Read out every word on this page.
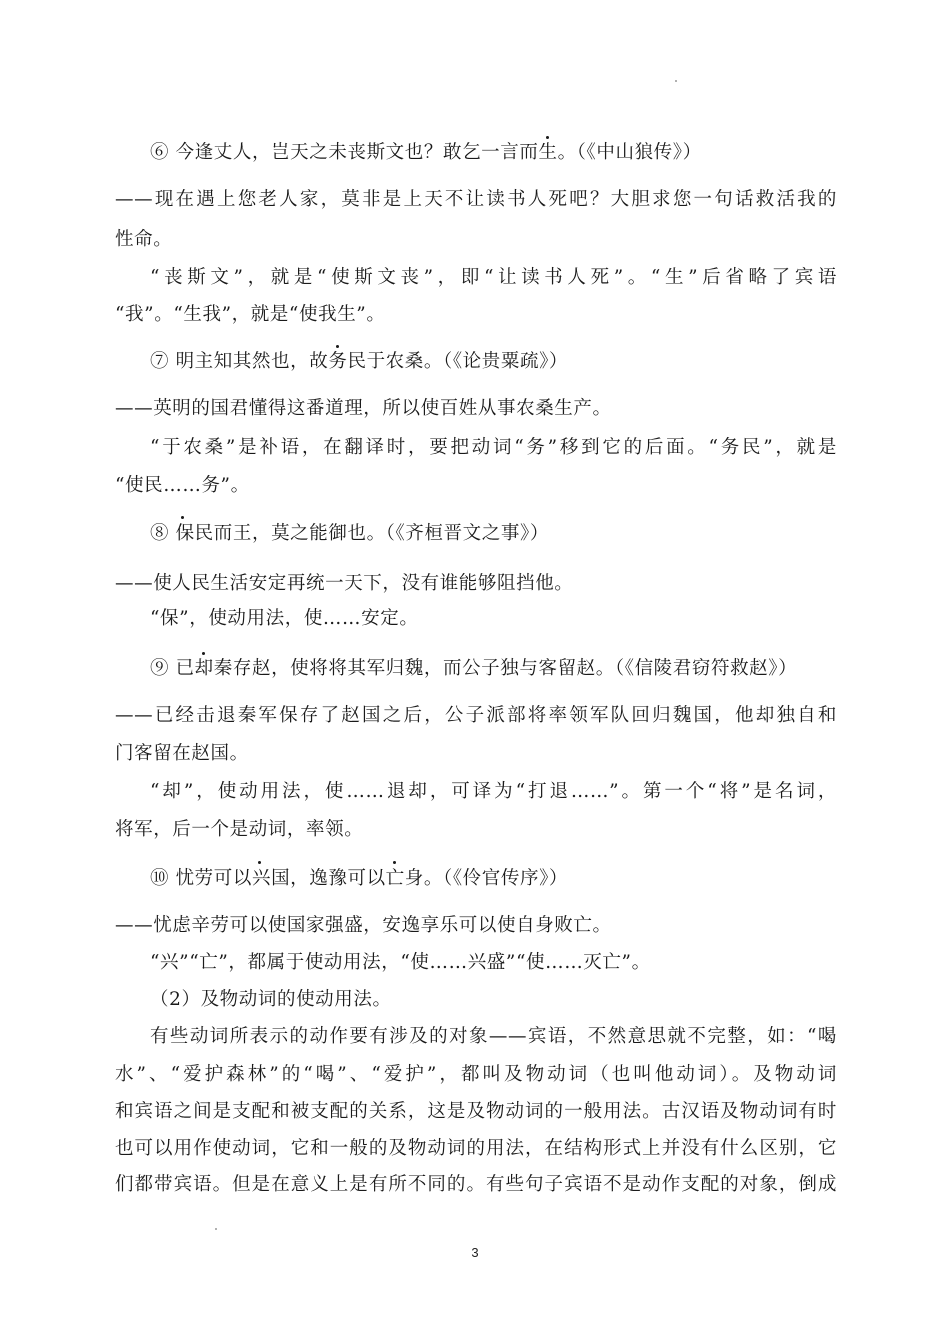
⑥ 今逢丈人，岂天之未丧斯文也？敢乞一言而生。（《中山狼传》）
——现在遇上您老人家，莫非是上天不让读书人死吧？大胆求您一句话救活我的
性命。
“丧斯文”，就是“使斯文丧”，即“让读书人死”。“生”后省略了宾语
“我”。“生我”，就是“使我生”。
⑦ 明主知其然也，故务民于农桑。（《论贵粟疏》）
——英明的国君懂得这番道理，所以使百姓从事农桑生产。
“于农桑”是补语，在翻译时，要把动词“务”移到它的后面。“务民”，就是
“使民……务”。
⑧ 保民而王，莫之能御也。（《齐桓晋文之事》）
——使人民生活安定再统一天下，没有谁能够阻挡他。
“保”，使动用法，使……安定。
⑨ 已却秦存赵，使将将其军归魏，而公子独与客留赵。（《信陵君窃符救赵》）
——已经击退秦军保存了赵国之后，公子派部将率领军队回归魏国，他却独自和
门客留在赵国。
“却”，使动用法，使……退却，可译为“打退……”。第一个“将”是名词，
将军，后一个是动词，率领。
⑩ 忧劳可以兴国，逸豫可以亡身。（《伶官传序》）
——忧虑辛劳可以使国家强盛，安逸享乐可以使自身败亡。
“兴”“亡”，都属于使动用法，“使……兴盛”“使……灭亡”。
（2）及物动词的使动用法。
有些动词所表示的动作要有涉及的对象——宾语，不然意思就不完整，如：“喝
水”、“爱护森林”的“喝”、“爱护”，都叫及物动词（也叫他动词）。及物动词
和宾语之间是支配和被支配的关系，这是及物动词的一般用法。古汉语及物动词有时
也可以用作使动词，它和一般的及物动词的用法，在结构形式上并没有什么区别，它
们都带宾语。但是在意义上是有所不同的。有些句子宾语不是动作支配的对象，倒成
3
